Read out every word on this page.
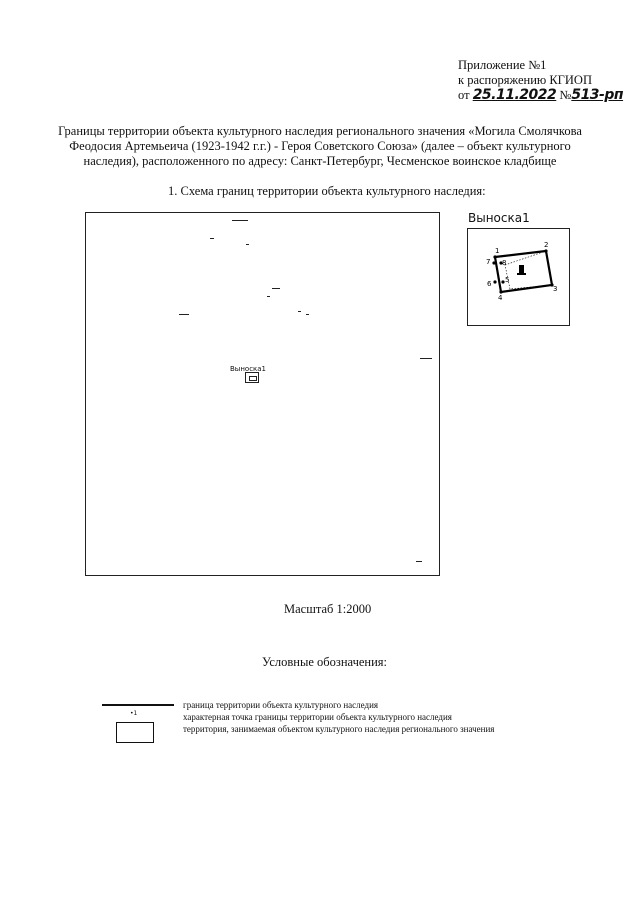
Приложение №1
к распоряжению КГИОП
от 25.11.2022 №513-рп
Границы территории объекта культурного наследия регионального значения «Могила Смолячкова Феодосия Артемьеича (1923-1942 г.г.) - Героя Советского Союза» (далее – объект культурного наследия), расположенного по адресу: Санкт-Петербург, Чесменское воинское кладбище
1. Схема границ территории объекта культурного наследия:
Выноска1
Выноска1
1
2
3
4
5
6
7 8
Масштаб 1:2000
Условные обозначения:
•1
граница территории объекта культурного наследия
характерная точка границы территории объекта культурного наследия
территория, занимаемая объектом культурного наследия регионального значения
